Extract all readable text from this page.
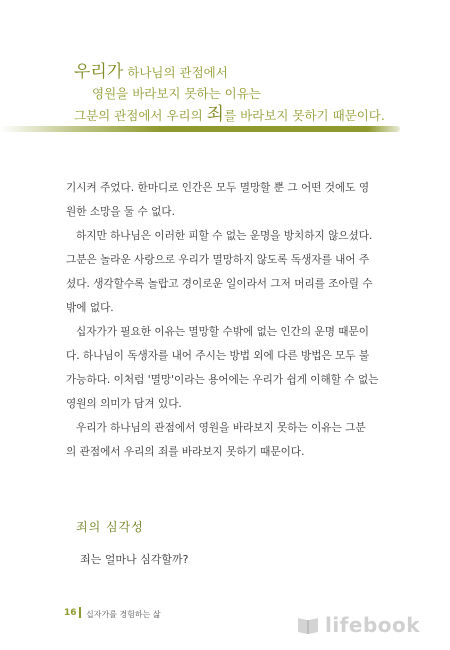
우리가 하나님의 관점에서
영원을 바라보지 못하는 이유는
그분의 관점에서 우리의 죄를 바라보지 못하기 때문이다.

기시켜 주었다. 한마디로 인간은 모두 멸망할 뿐 그 어떤 것에도 영
원한 소망을 둘 수 없다.

하지만 하나님은 이러한 피할 수 없는 운명을 방치하지 않으셨다.
그분은 놀라운 사랑으로 우리가 멸망하지 않도록 독생자를 내어 주
셨다. 생각할수록 놀랍고 경이로운 일이라서 그저 머리를 조아릴 수
밖에 없다.

십자가가 필요한 이유는 멸망할 수밖에 없는 인간의 운명 때문이
다. 하나님이 독생자를 내어 주시는 방법 외에 다른 방법은 모두 불
가능하다. 이처럼 '멸망'이라는 용어에는 우리가 쉽게 이해할 수 없는
영원의 의미가 담겨 있다.

우리가 하나님의 관점에서 영원을 바라보지 못하는 이유는 그분
의 관점에서 우리의 죄를 바라보지 못하기 때문이다.

죄의 심각성
죄는 얼마나 심각할까?
16 십자가를 경험하는 삶	lifebook
